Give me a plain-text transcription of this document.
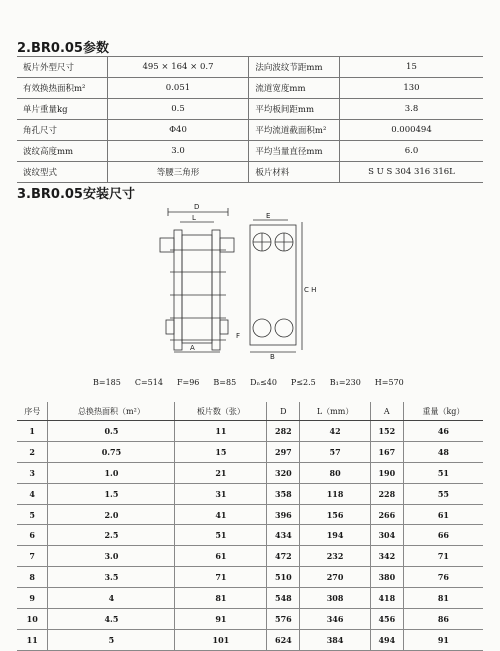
2.BR0.05参数
板片外型尺寸	495 × 164 × 0.7	法向波纹节距mm	15
有效换热面积m²	0.051	流道宽度mm	130
单片重量kg	0.5	平均板间距mm	3.8
角孔尺寸	Φ40	平均流道截面积m²	0.000494
波纹高度mm	3.0	平均当量直径mm	6.0
波纹型式	等腰三角形	板片材料	S U S 304 316 316L
3.BR0.05安装尺寸
D
L
A
E
C H
B
F
B=185 C=514 F=96 B=85 Dₙ≤40 P≤2.5 B₁=230 H=570
序号	总换热面积（m²）	板片数（张）	D	L（mm）	A	重量（kg）
1	0.5	11	282	42	152	46
2	0.75	15	297	57	167	48
3	1.0	21	320	80	190	51
4	1.5	31	358	118	228	55
5	2.0	41	396	156	266	61
6	2.5	51	434	194	304	66
7	3.0	61	472	232	342	71
8	3.5	71	510	270	380	76
9	4	81	548	308	418	81
10	4.5	91	576	346	456	86
11	5	101	624	384	494	91
